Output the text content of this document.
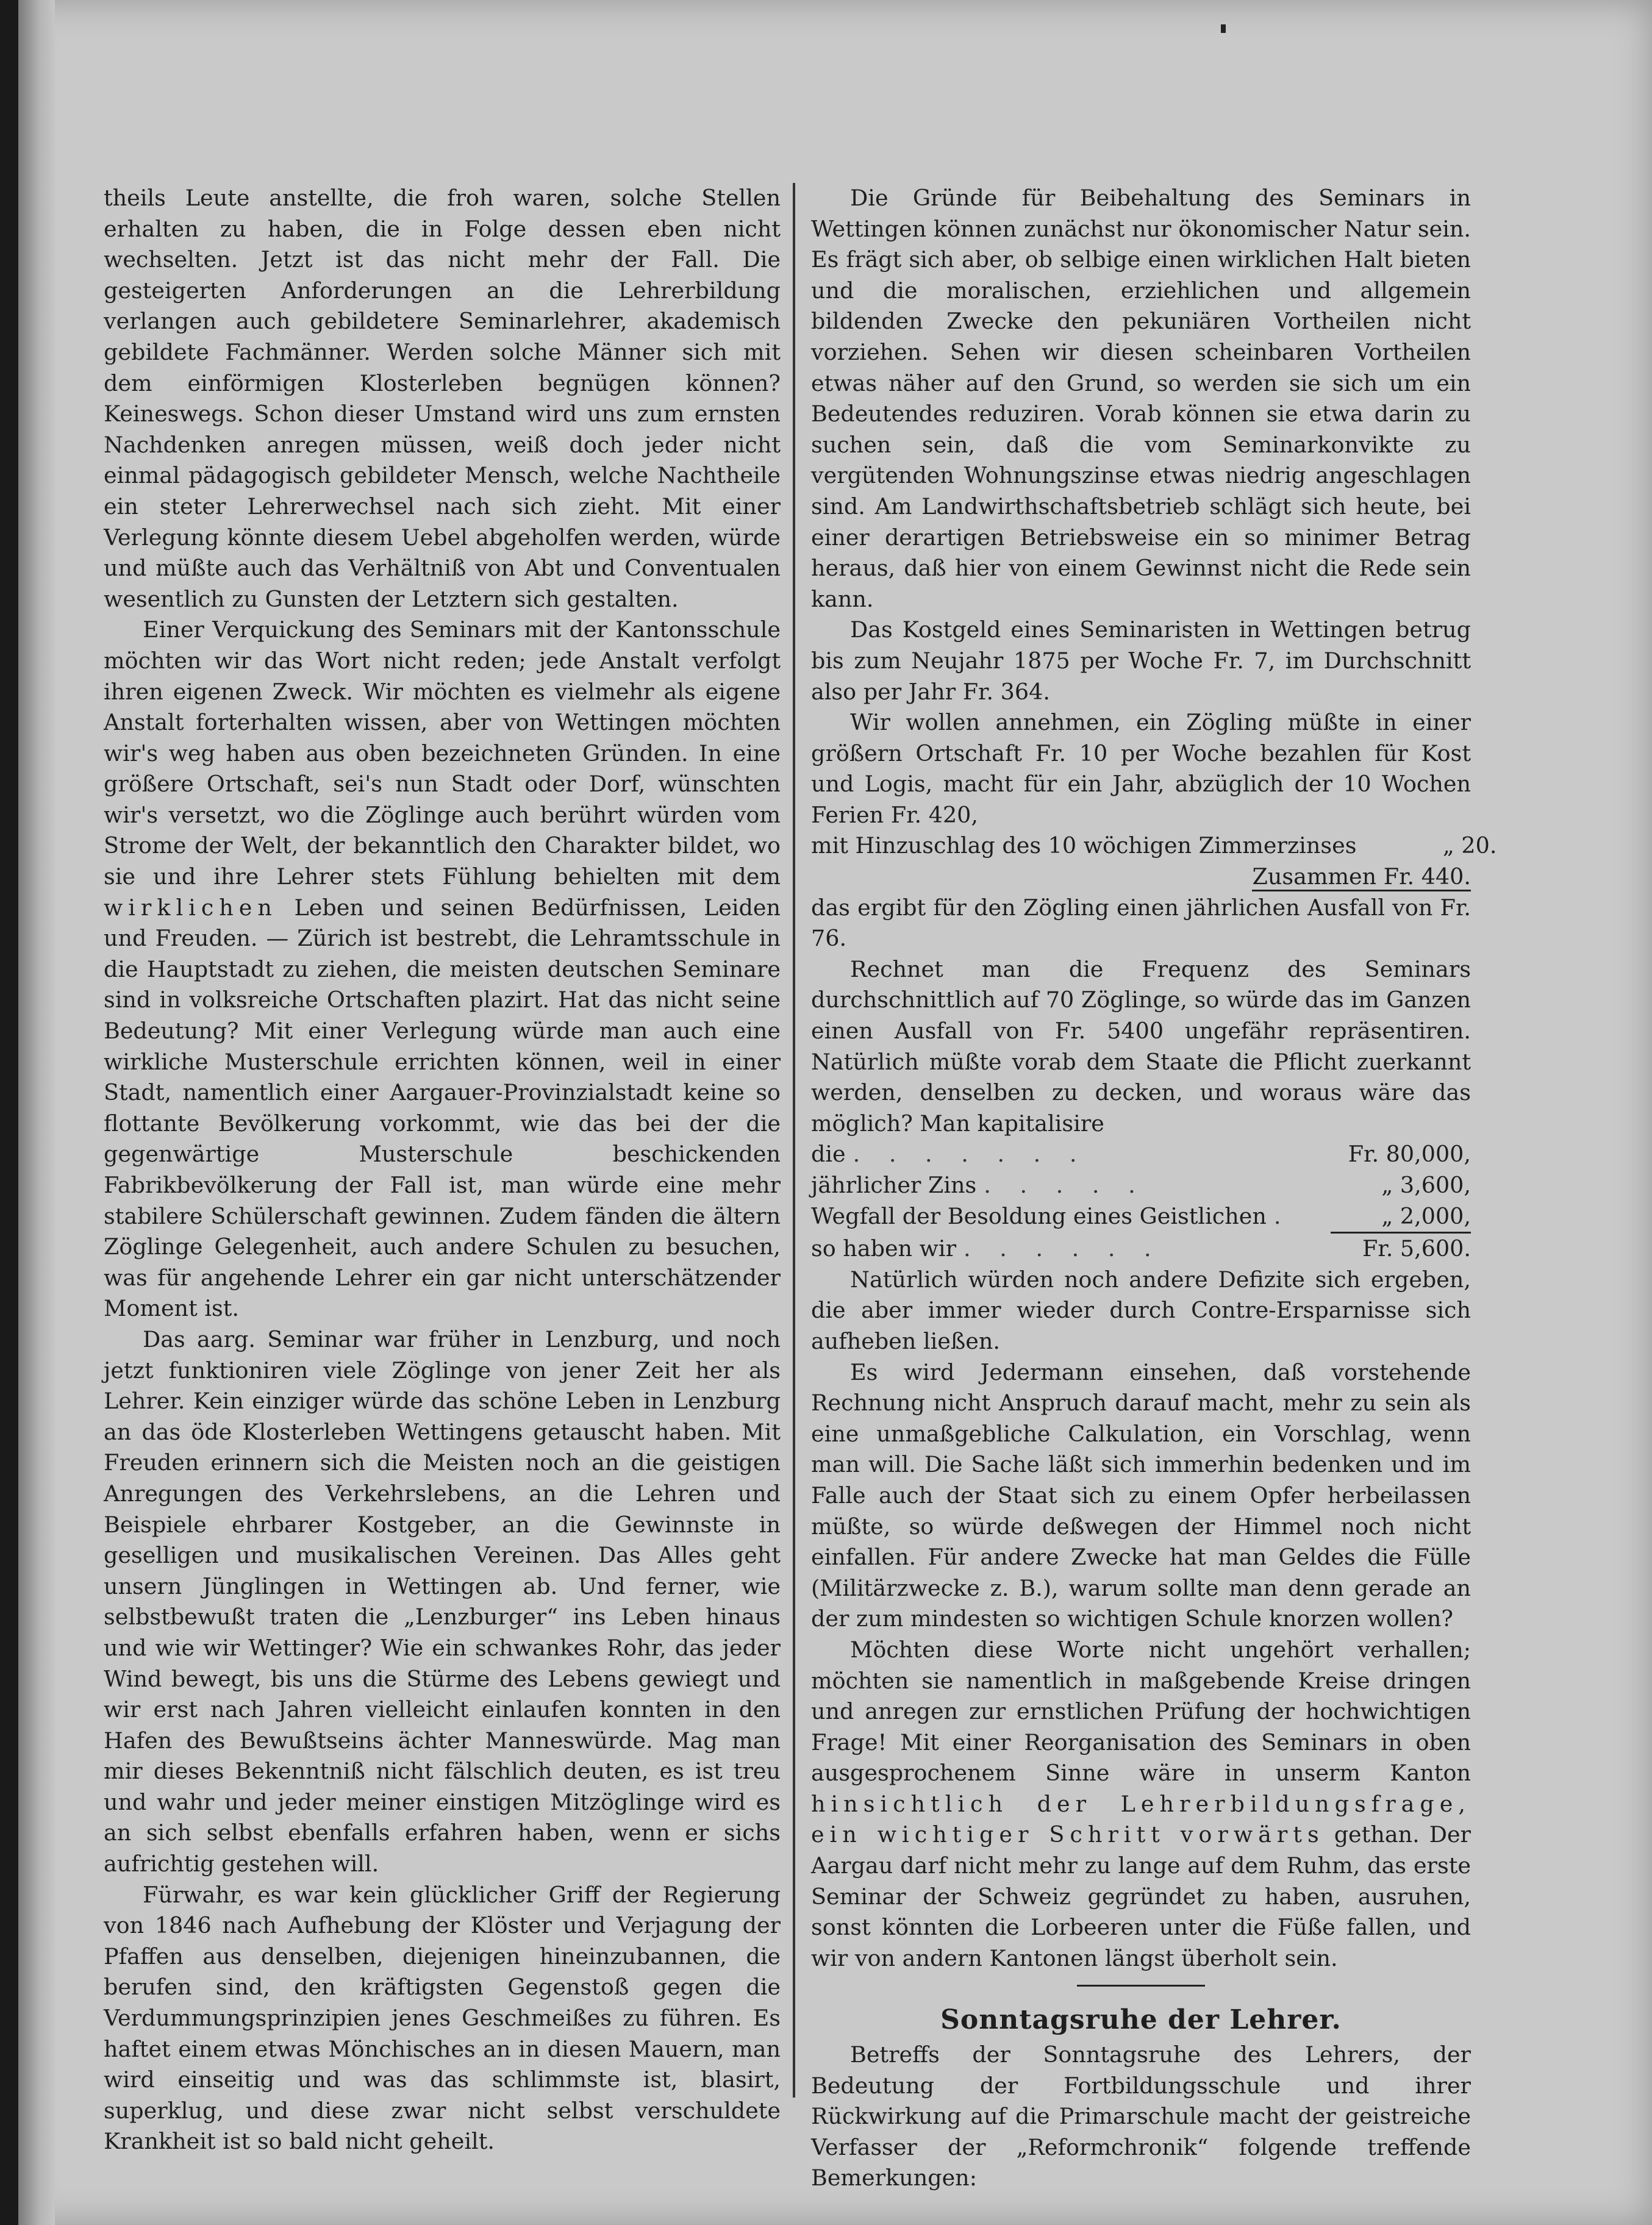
theils Leute anstellte, die froh waren, solche Stellen erhalten zu haben, die in Folge dessen eben nicht wechselten. Jetzt ist das nicht mehr der Fall. Die gesteigerten Anforderungen an die Lehrerbildung verlangen auch gebildetere Seminarlehrer, akademisch gebildete Fachmänner. Werden solche Männer sich mit dem einförmigen Klosterleben begnügen können? Keineswegs. Schon dieser Umstand wird uns zum ernsten Nachdenken anregen müssen, weiß doch jeder nicht einmal pädagogisch gebildeter Mensch, welche Nachtheile ein steter Lehrerwechsel nach sich zieht. Mit einer Verlegung könnte diesem Uebel abgeholfen werden, würde und müßte auch das Verhältniß von Abt und Conventualen wesentlich zu Gunsten der Letztern sich gestalten.

Einer Verquickung des Seminars mit der Kantonsschule möchten wir das Wort nicht reden; jede Anstalt verfolgt ihren eigenen Zweck. Wir möchten es vielmehr als eigene Anstalt forterhalten wissen, aber von Wettingen möchten wir's weg haben aus oben bezeichneten Gründen. In eine größere Ortschaft, sei's nun Stadt oder Dorf, wünschten wir's versetzt, wo die Zöglinge auch berührt würden vom Strome der Welt, der bekanntlich den Charakter bildet, wo sie und ihre Lehrer stets Fühlung behielten mit dem wirklichen Leben und seinen Bedürfnissen, Leiden und Freuden. — Zürich ist bestrebt, die Lehramtsschule in die Hauptstadt zu ziehen, die meisten deutschen Seminare sind in volksreiche Ortschaften plazirt. Hat das nicht seine Bedeutung? Mit einer Verlegung würde man auch eine wirkliche Musterschule errichten können, weil in einer Stadt, namentlich einer Aargauer-Provinzialstadt keine so flottante Bevölkerung vorkommt, wie das bei der die gegenwärtige Musterschule beschickenden Fabrikbevölkerung der Fall ist, man würde eine mehr stabilere Schülerschaft gewinnen. Zudem fänden die ältern Zöglinge Gelegenheit, auch andere Schulen zu besuchen, was für angehende Lehrer ein gar nicht unterschätzender Moment ist.

Das aarg. Seminar war früher in Lenzburg, und noch jetzt funktioniren viele Zöglinge von jener Zeit her als Lehrer. Kein einziger würde das schöne Leben in Lenzburg an das öde Klosterleben Wettingens getauscht haben. Mit Freuden erinnern sich die Meisten noch an die geistigen Anregungen des Verkehrslebens, an die Lehren und Beispiele ehrbarer Kostgeber, an die Gewinnste in geselligen und musikalischen Vereinen. Das Alles geht unsern Jünglingen in Wettingen ab. Und ferner, wie selbstbewußt traten die „Lenzburger“ ins Leben hinaus und wie wir Wettinger? Wie ein schwankes Rohr, das jeder Wind bewegt, bis uns die Stürme des Lebens gewiegt und wir erst nach Jahren vielleicht einlaufen konnten in den Hafen des Bewußtseins ächter Manneswürde. Mag man mir dieses Bekenntniß nicht fälschlich deuten, es ist treu und wahr und jeder meiner einstigen Mitzöglinge wird es an sich selbst ebenfalls erfahren haben, wenn er sichs aufrichtig gestehen will.

Fürwahr, es war kein glücklicher Griff der Regierung von 1846 nach Aufhebung der Klöster und Verjagung der Pfaffen aus denselben, diejenigen hineinzubannen, die berufen sind, den kräftigsten Gegenstoß gegen die Verdummungsprinzipien jenes Geschmeißes zu führen. Es haftet einem etwas Mönchisches an in diesen Mauern, man wird einseitig und was das schlimmste ist, blasirt, superklug, und diese zwar nicht selbst verschuldete Krankheit ist so bald nicht geheilt.

Die Gründe für Beibehaltung des Seminars in Wettingen können zunächst nur ökonomischer Natur sein. Es frägt sich aber, ob selbige einen wirklichen Halt bieten und die moralischen, erziehlichen und allgemein bildenden Zwecke den pekuniären Vortheilen nicht vorziehen. Sehen wir diesen scheinbaren Vortheilen etwas näher auf den Grund, so werden sie sich um ein Bedeutendes reduziren. Vorab können sie etwa darin zu suchen sein, daß die vom Seminarkonvikte zu vergütenden Wohnungszinse etwas niedrig angeschlagen sind. Am Landwirthschaftsbetrieb schlägt sich heute, bei einer derartigen Betriebsweise ein so minimer Betrag heraus, daß hier von einem Gewinnst nicht die Rede sein kann.

Das Kostgeld eines Seminaristen in Wettingen betrug bis zum Neujahr 1875 per Woche Fr. 7, im Durchschnitt also per Jahr Fr. 364.

Wir wollen annehmen, ein Zögling müßte in einer größern Ortschaft Fr. 10 per Woche bezahlen für Kost und Logis, macht für ein Jahr, abzüglich der 10 Wochen Ferien Fr. 420,

mit Hinzuschlag des 10 wöchigen Zimmerzinses	„ 20.
Zusammen Fr. 440.

das ergibt für den Zögling einen jährlichen Ausfall von Fr. 76.

Rechnet man die Frequenz des Seminars durchschnittlich auf 70 Zöglinge, so würde das im Ganzen einen Ausfall von Fr. 5400 ungefähr repräsentiren. Natürlich müßte vorab dem Staate die Pflicht zuerkannt werden, denselben zu decken, und woraus wäre das möglich? Man kapitalisire

die . . . . . . .	Fr. 80,000,
jährlicher Zins . . . . .	„ 3,600,
Wegfall der Besoldung eines Geistlichen .	„ 2,000,
so haben wir . . . . . .	Fr. 5,600.

Natürlich würden noch andere Defizite sich ergeben, die aber immer wieder durch Contre-Ersparnisse sich aufheben ließen.

Es wird Jedermann einsehen, daß vorstehende Rechnung nicht Anspruch darauf macht, mehr zu sein als eine unmaßgebliche Calkulation, ein Vorschlag, wenn man will. Die Sache läßt sich immerhin bedenken und im Falle auch der Staat sich zu einem Opfer herbeilassen müßte, so würde deßwegen der Himmel noch nicht einfallen. Für andere Zwecke hat man Geldes die Fülle (Militärzwecke z. B.), warum sollte man denn gerade an der zum mindesten so wichtigen Schule knorzen wollen?

Möchten diese Worte nicht ungehört verhallen; möchten sie namentlich in maßgebende Kreise dringen und anregen zur ernstlichen Prüfung der hochwichtigen Frage! Mit einer Reorganisation des Seminars in oben ausgesprochenem Sinne wäre in unserm Kanton hinsichtlich der Lehrerbildungsfrage, ein wichtiger Schritt vorwärts gethan. Der Aargau darf nicht mehr zu lange auf dem Ruhm, das erste Seminar der Schweiz gegründet zu haben, ausruhen, sonst könnten die Lorbeeren unter die Füße fallen, und wir von andern Kantonen längst überholt sein.

Sonntagsruhe der Lehrer.

Betreffs der Sonntagsruhe des Lehrers, der Bedeutung der Fortbildungsschule und ihrer Rückwirkung auf die Primarschule macht der geistreiche Verfasser der „Reformchronik“ folgende treffende Bemerkungen:
